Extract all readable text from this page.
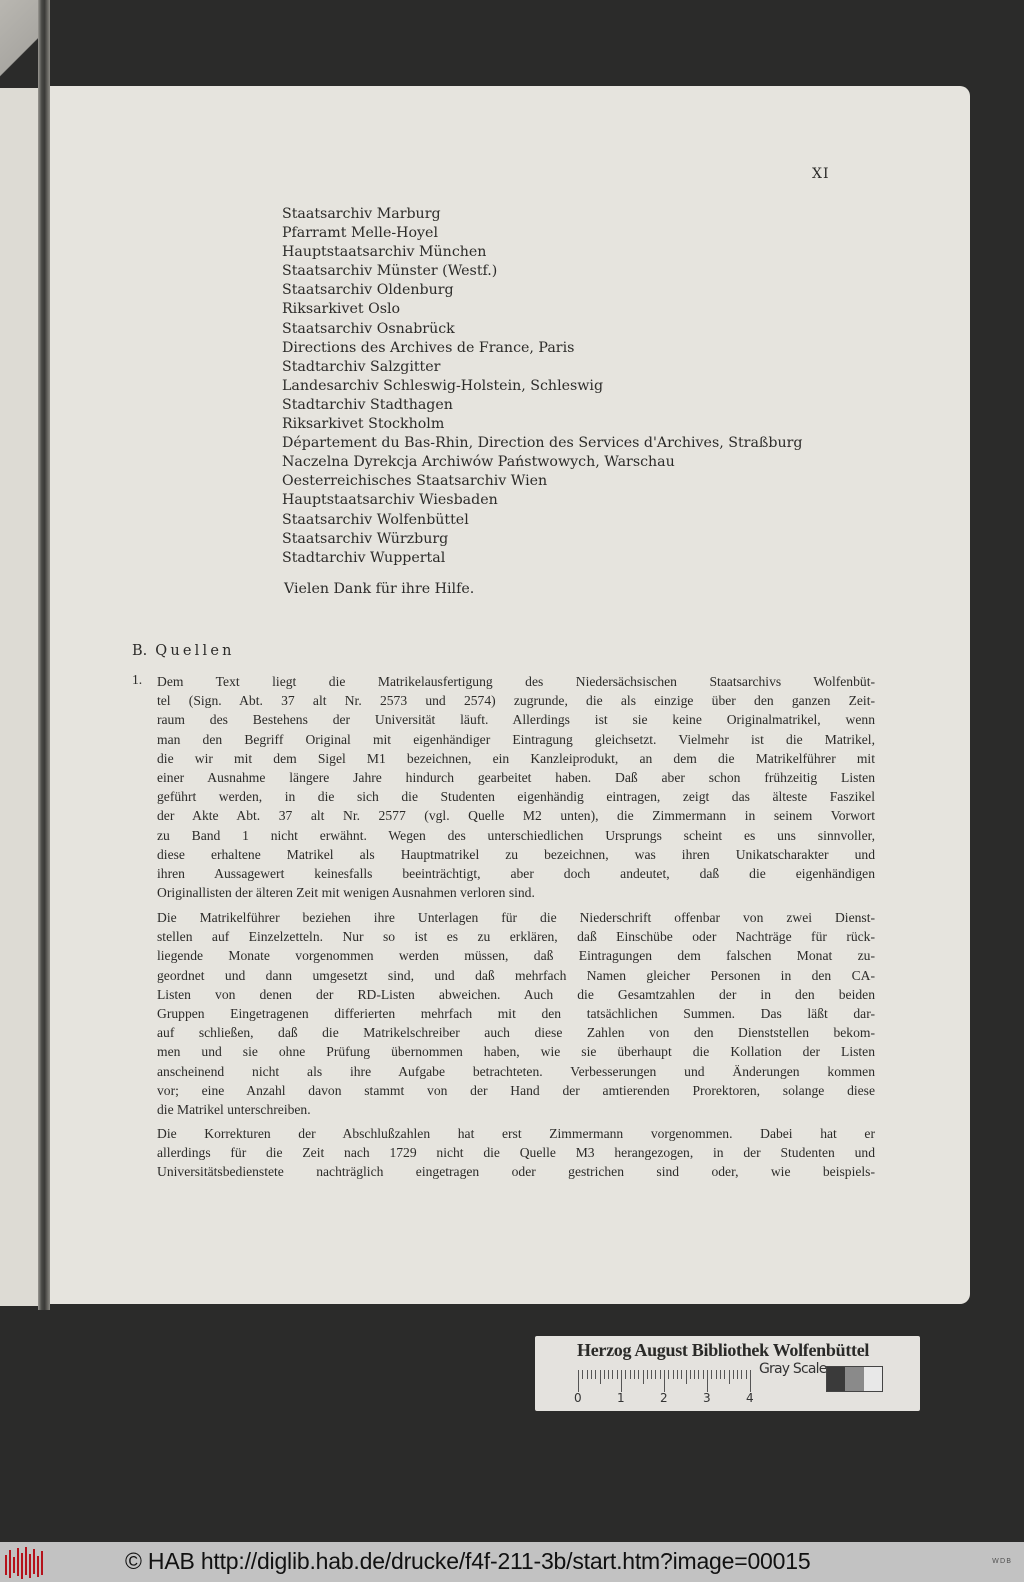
XI
Staatsarchiv Marburg
Pfarramt Melle-Hoyel
Hauptstaatsarchiv München
Staatsarchiv Münster (Westf.)
Staatsarchiv Oldenburg
Riksarkivet Oslo
Staatsarchiv Osnabrück
Directions des Archives de France, Paris
Stadtarchiv Salzgitter
Landesarchiv Schleswig-Holstein, Schleswig
Stadtarchiv Stadthagen
Riksarkivet Stockholm
Département du Bas-Rhin, Direction des Services d'Archives, Straßburg
Naczelna Dyrekcja Archiwów Państwowych, Warschau
Oesterreichisches Staatsarchiv Wien
Hauptstaatsarchiv Wiesbaden
Staatsarchiv Wolfenbüttel
Staatsarchiv Würzburg
Stadtarchiv Wuppertal
Vielen Dank für ihre Hilfe.
B. Quellen
1. Dem Text liegt die Matrikelausfertigung des Niedersächsischen Staatsarchivs Wolfenbüt-
tel (Sign. Abt. 37 alt Nr. 2573 und 2574) zugrunde, die als einzige über den ganzen Zeit-
raum des Bestehens der Universität läuft. Allerdings ist sie keine Originalmatrikel, wenn
man den Begriff Original mit eigenhändiger Eintragung gleichsetzt. Vielmehr ist die Matrikel,
die wir mit dem Sigel M1 bezeichnen, ein Kanzleiprodukt, an dem die Matrikelführer mit
einer Ausnahme längere Jahre hindurch gearbeitet haben. Daß aber schon frühzeitig Listen
geführt werden, in die sich die Studenten eigenhändig eintragen, zeigt das älteste Faszikel
der Akte Abt. 37 alt Nr. 2577 (vgl. Quelle M2 unten), die Zimmermann in seinem Vorwort
zu Band 1 nicht erwähnt. Wegen des unterschiedlichen Ursprungs scheint es uns sinnvoller,
diese erhaltene Matrikel als Hauptmatrikel zu bezeichnen, was ihren Unikatscharakter und
ihren Aussagewert keinesfalls beeinträchtigt, aber doch andeutet, daß die eigenhändigen
Originallisten der älteren Zeit mit wenigen Ausnahmen verloren sind.
Die Matrikelführer beziehen ihre Unterlagen für die Niederschrift offenbar von zwei Dienst-
stellen auf Einzelzetteln. Nur so ist es zu erklären, daß Einschübe oder Nachträge für rück-
liegende Monate vorgenommen werden müssen, daß Eintragungen dem falschen Monat zu-
geordnet und dann umgesetzt sind, und daß mehrfach Namen gleicher Personen in den CA-
Listen von denen der RD-Listen abweichen. Auch die Gesamtzahlen der in den beiden
Gruppen Eingetragenen differierten mehrfach mit den tatsächlichen Summen. Das läßt dar-
auf schließen, daß die Matrikelschreiber auch diese Zahlen von den Dienststellen bekom-
men und sie ohne Prüfung übernommen haben, wie sie überhaupt die Kollation der Listen
anscheinend nicht als ihre Aufgabe betrachteten. Verbesserungen und Änderungen kommen
vor; eine Anzahl davon stammt von der Hand der amtierenden Prorektoren, solange diese
die Matrikel unterschreiben.
Die Korrekturen der Abschlußzahlen hat erst Zimmermann vorgenommen. Dabei hat er
allerdings für die Zeit nach 1729 nicht die Quelle M3 herangezogen, in der Studenten und
Universitätsbedienstete nachträglich eingetragen oder gestrichen sind oder, wie beispiels-
Herzog August Bibliothek Wolfenbüttel
0	1	2	3	4
Gray Scale
© HAB http://diglib.hab.de/drucke/f4f-211-3b/start.htm?image=00015	WDB
